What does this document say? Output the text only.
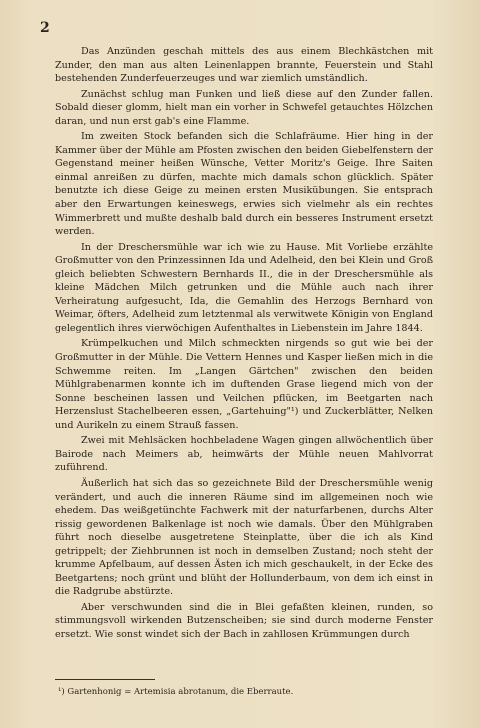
2

Das Anzünden geschah mittels des aus einem Blechkästchen mit Zunder, den man aus alten Leinenlappen brannte, Feuerstein und Stahl bestehenden Zunderfeuerzeuges und war ziemlich umständlich.

Zunächst schlug man Funken und ließ diese auf den Zunder fallen. Sobald dieser glomm, hielt man ein vorher in Schwefel getauchtes Hölzchen daran, und nun erst gab's eine Flamme.

Im zweiten Stock befanden sich die Schlafräume. Hier hing in der Kammer über der Mühle am Pfosten zwischen den beiden Giebelfenstern der Gegenstand meiner heißen Wünsche, Vetter Moritz's Geige. Ihre Saiten einmal anreißen zu dürfen, machte mich damals schon glücklich. Später benutzte ich diese Geige zu meinen ersten Musikübungen. Sie entsprach aber den Erwartungen keineswegs, erwies sich vielmehr als ein rechtes Wimmerbrett und mußte deshalb bald durch ein besseres Instrument ersetzt werden.

In der Dreschersmühle war ich wie zu Hause. Mit Vorliebe erzählte Großmutter von den Prinzessinnen Ida und Adelheid, den bei Klein und Groß gleich beliebten Schwestern Bernhards II., die in der Dreschersmühle als kleine Mädchen Milch getrunken und die Mühle auch nach ihrer Verheiratung aufgesucht, Ida, die Gemahlin des Herzogs Bernhard von Weimar, öfters, Adelheid zum letztenmal als verwitwete Königin von England gelegentlich ihres vierwöchigen Aufenthaltes in Liebenstein im Jahre 1844.

Krümpelkuchen und Milch schmeckten nirgends so gut wie bei der Großmutter in der Mühle. Die Vettern Hennes und Kasper ließen mich in die Schwemme reiten. Im „Langen Gärtchen" zwischen den beiden Mühlgrabenarmen konnte ich im duftenden Grase liegend mich von der Sonne bescheinen lassen und Veilchen pflücken, im Beetgarten nach Herzenslust Stachelbeeren essen, „Gartehuing"¹) und Zuckerblätter, Nelken und Aurikeln zu einem Strauß fassen.

Zwei mit Mehlsäcken hochbeladene Wagen gingen allwöchentlich über Bairode nach Meimers ab, heimwärts der Mühle neuen Mahlvorrat zuführend.

Äußerlich hat sich das so gezeichnete Bild der Dreschersmühle wenig verändert, und auch die inneren Räume sind im allgemeinen noch wie ehedem. Das weißgetünchte Fachwerk mit der naturfarbenen, durchs Alter rissig gewordenen Balkenlage ist noch wie damals. Über den Mühlgraben führt noch dieselbe ausgetretene Steinplatte, über die ich als Kind getrippelt; der Ziehbrunnen ist noch in demselben Zustand; noch steht der krumme Apfelbaum, auf dessen Ästen ich mich geschaukelt, in der Ecke des Beetgartens; noch grünt und blüht der Hollunderbaum, von dem ich einst in die Radgrube abstürzte.

Aber verschwunden sind die in Blei gefaßten kleinen, runden, so stimmungsvoll wirkenden Butzenscheiben; sie sind durch moderne Fenster ersetzt. Wie sonst windet sich der Bach in zahllosen Krümmungen durch

¹) Gartenhonig = Artemisia abrotanum, die Eberraute.
